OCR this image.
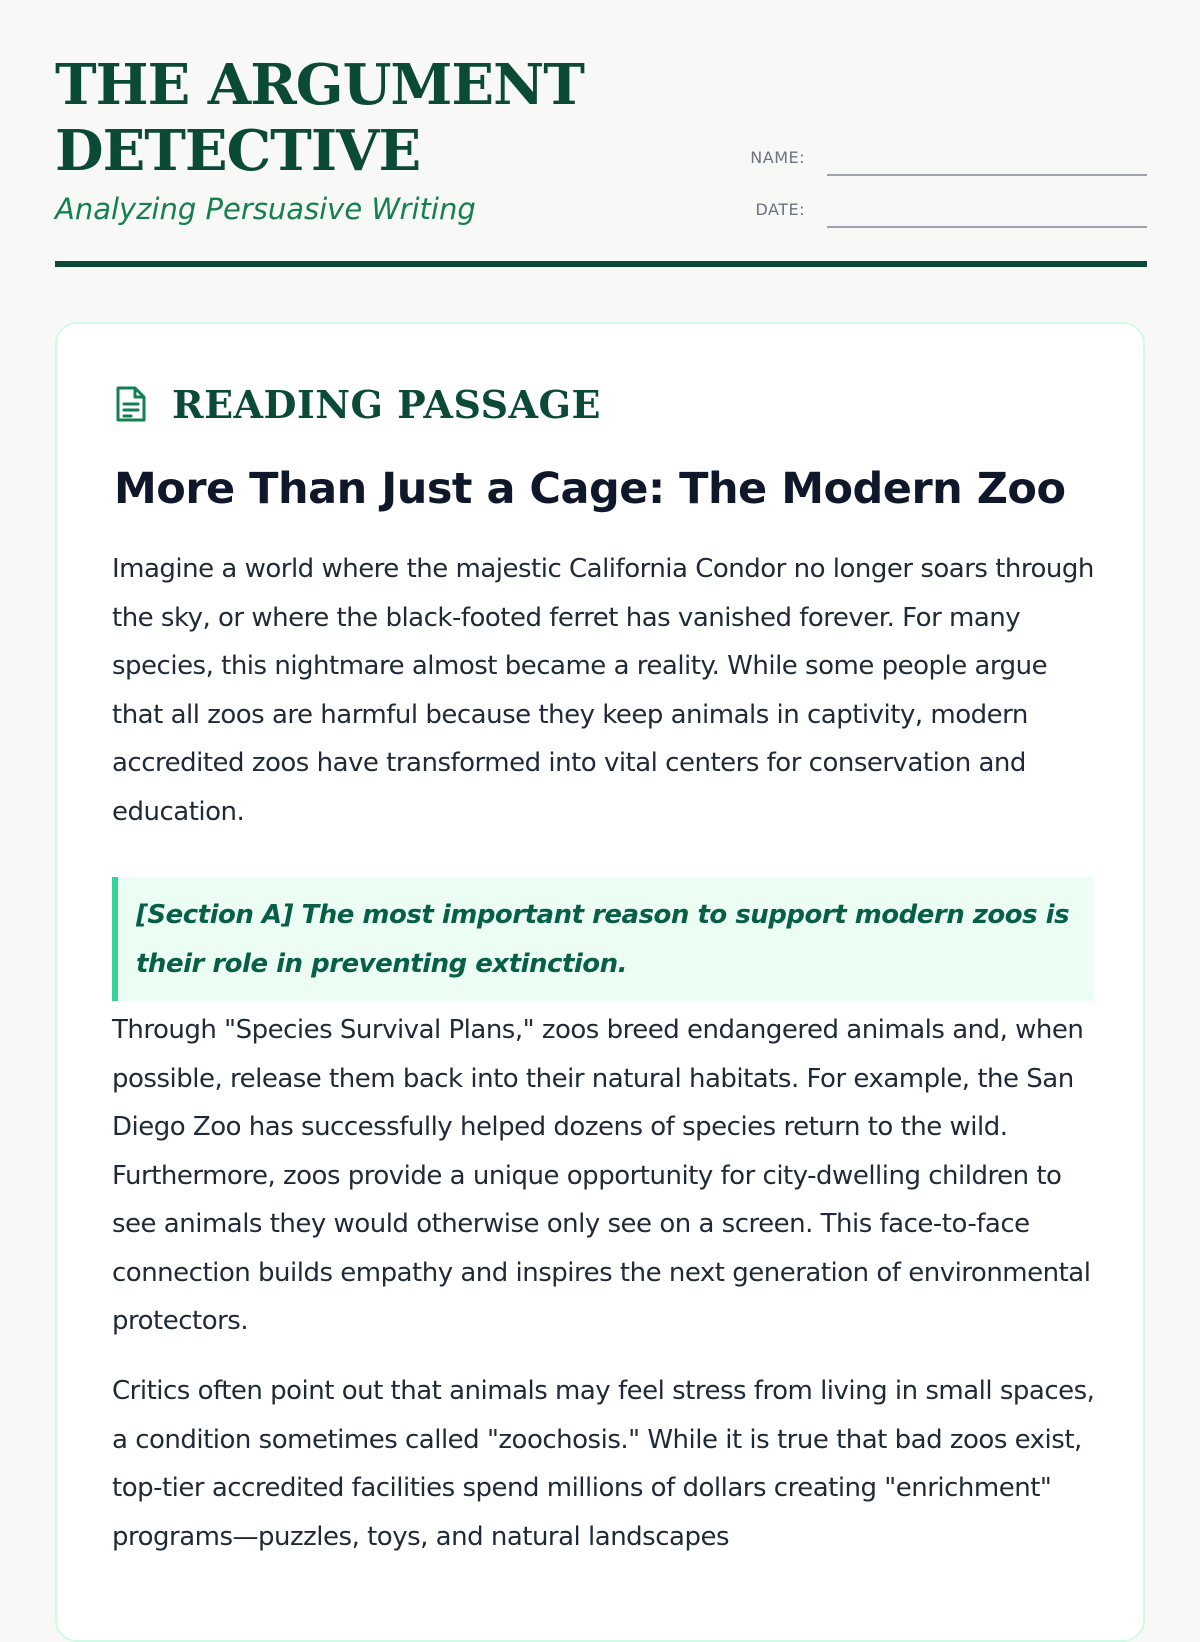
THE ARGUMENT DETECTIVE
Analyzing Persuasive Writing
NAME:
DATE:
READING PASSAGE
More Than Just a Cage: The Modern Zoo

Imagine a world where the majestic California Condor no longer soars through the sky, or where the black-footed ferret has vanished forever. For many species, this nightmare almost became a reality. While some people argue that all zoos are harmful because they keep animals in captivity, modern accredited zoos have transformed into vital centers for conservation and education.

[Section A] The most important reason to support modern zoos is their role in preventing extinction.

Through "Species Survival Plans," zoos breed endangered animals and, when possible, release them back into their natural habitats. For example, the San Diego Zoo has successfully helped dozens of species return to the wild. Furthermore, zoos provide a unique opportunity for city-dwelling children to see animals they would otherwise only see on a screen. This face-to-face connection builds empathy and inspires the next generation of environmental protectors.

Critics often point out that animals may feel stress from living in small spaces, a condition sometimes called "zoochosis." While it is true that bad zoos exist, top-tier accredited facilities spend millions of dollars creating "enrichment" programs—puzzles, toys, and natural landscapes
